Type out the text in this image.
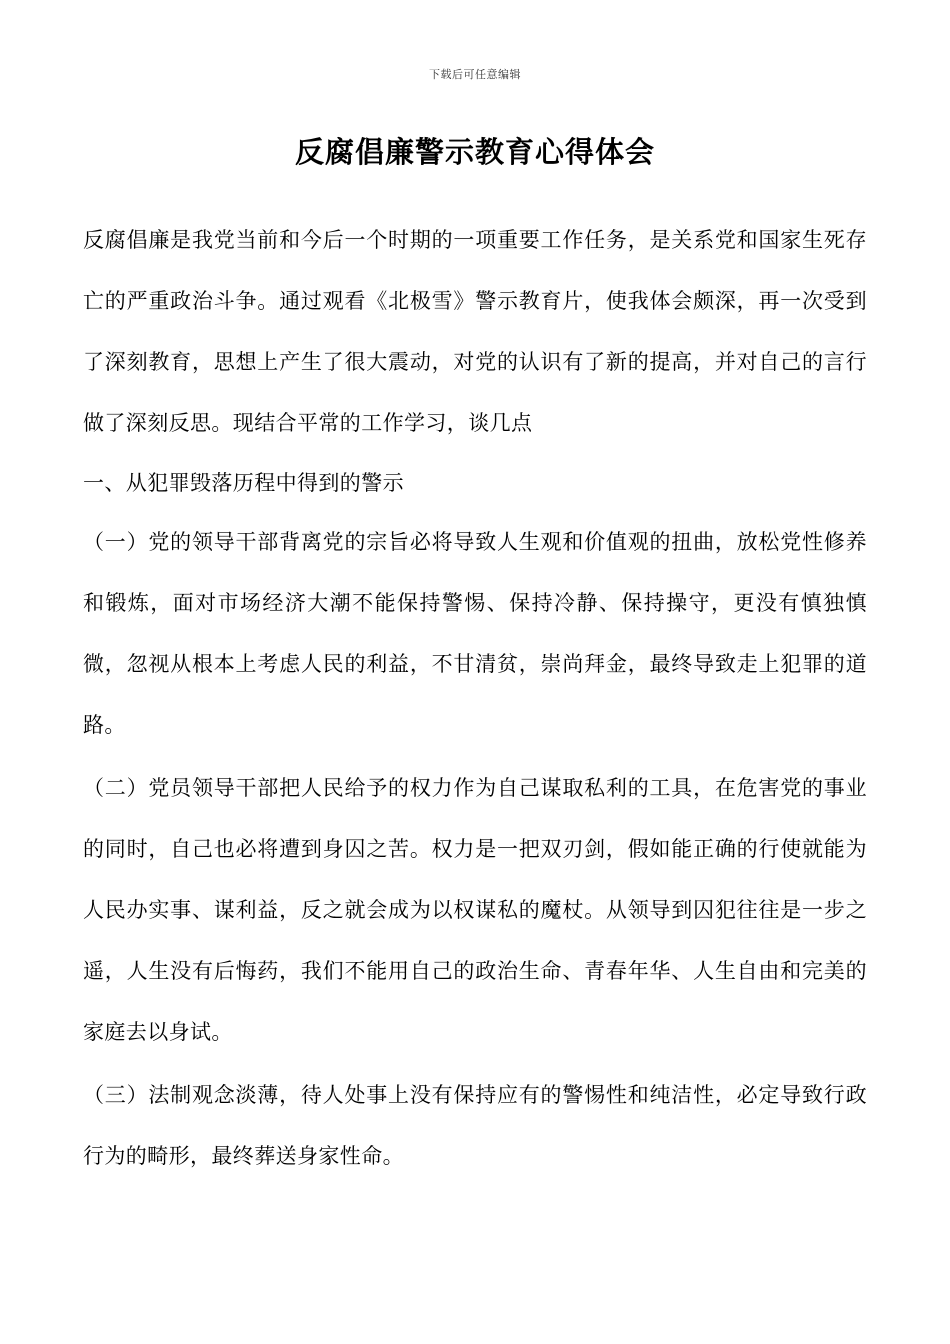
下载后可任意编辑
反腐倡廉警示教育心得体会

反腐倡廉是我党当前和今后一个时期的一项重要工作任务，是关系党和国家生死存亡的严重政治斗争。通过观看《北极雪》警示教育片，使我体会颇深，再一次受到了深刻教育，思想上产生了很大震动，对党的认识有了新的提高，并对自己的言行做了深刻反思。现结合平常的工作学习，谈几点

一、从犯罪毁落历程中得到的警示

（一）党的领导干部背离党的宗旨必将导致人生观和价值观的扭曲，放松党性修养和锻炼，面对市场经济大潮不能保持警惕、保持冷静、保持操守，更没有慎独慎微，忽视从根本上考虑人民的利益，不甘清贫，崇尚拜金，最终导致走上犯罪的道路。

（二）党员领导干部把人民给予的权力作为自己谋取私利的工具，在危害党的事业的同时，自己也必将遭到身囚之苦。权力是一把双刃剑，假如能正确的行使就能为人民办实事、谋利益，反之就会成为以权谋私的魔杖。从领导到囚犯往往是一步之遥，人生没有后悔药，我们不能用自己的政治生命、青春年华、人生自由和完美的家庭去以身试。

（三）法制观念淡薄，待人处事上没有保持应有的警惕性和纯洁性，必定导致行政行为的畸形，最终葬送身家性命。
